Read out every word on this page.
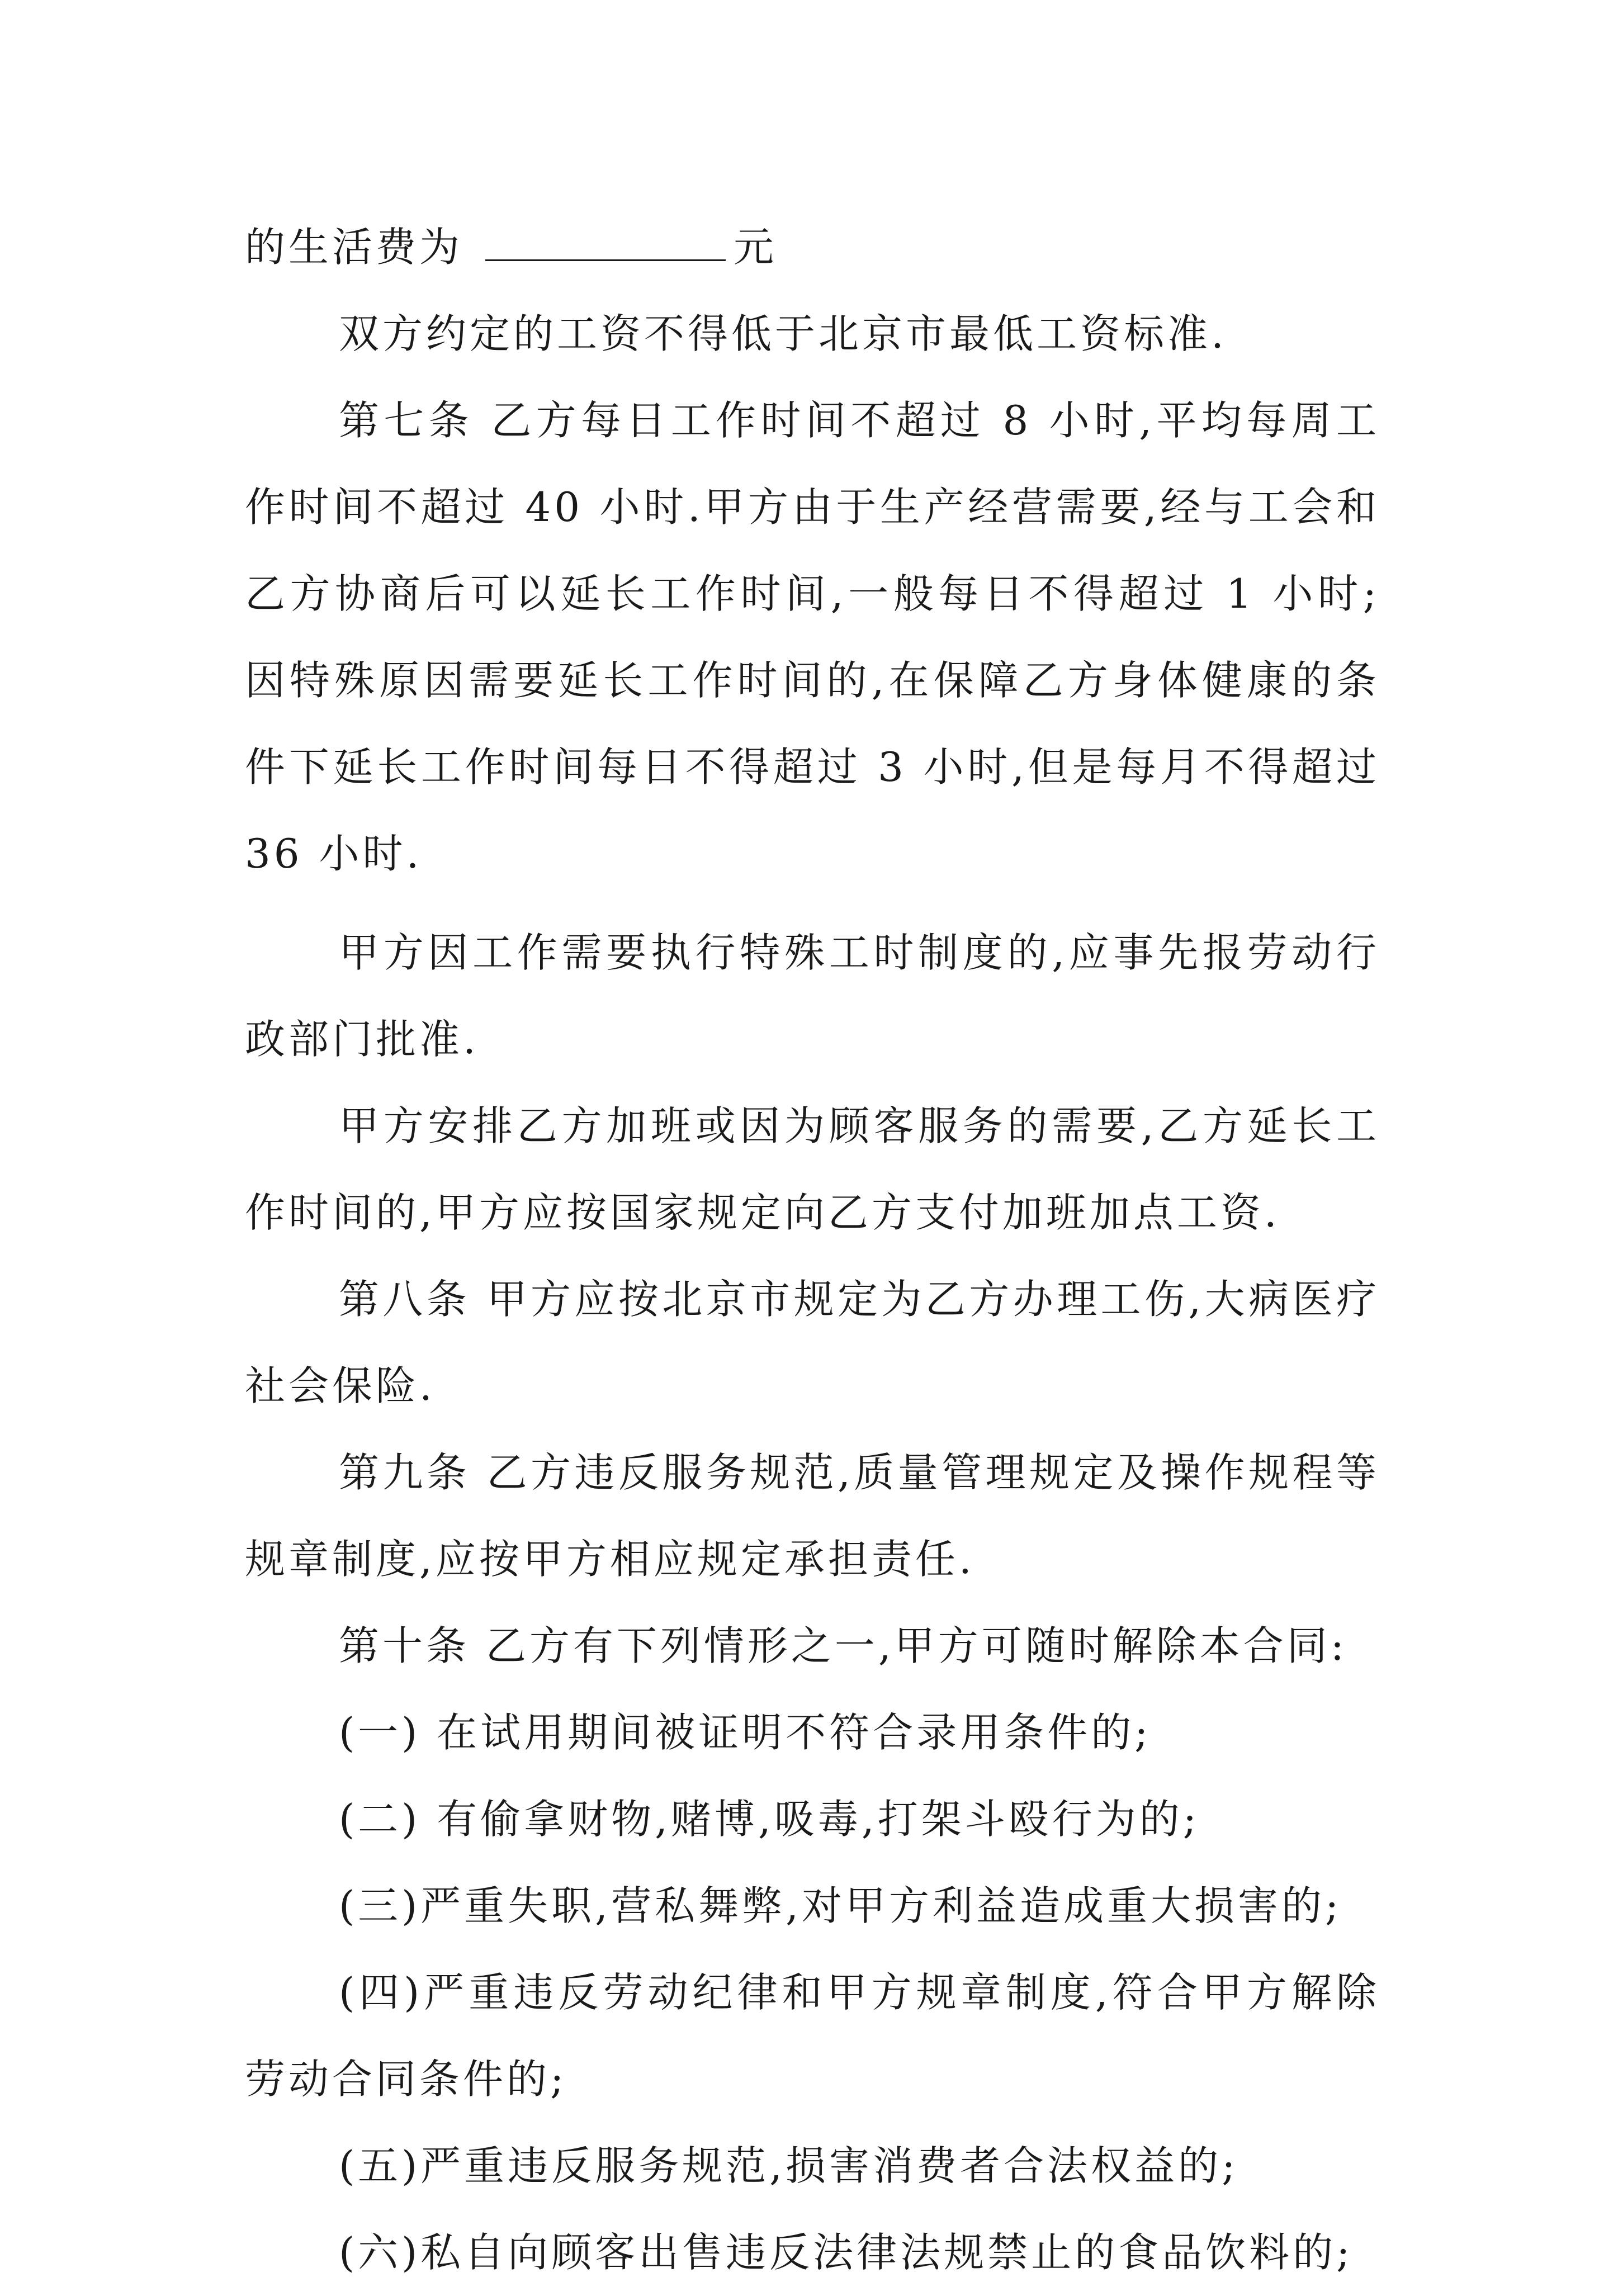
的生活费为	元

双方约定的工资不得低于北京市最低工资标准.

第七条 乙方每日工作时间不超过 8 小时,平均每周工作时间不超过 40 小时.甲方由于生产经营需要,经与工会和乙方协商后可以延长工作时间,一般每日不得超过 1 小时;因特殊原因需要延长工作时间的,在保障乙方身体健康的条件下延长工作时间每日不得超过 3 小时,但是每月不得超过 36 小时.

甲方因工作需要执行特殊工时制度的,应事先报劳动行政部门批准.

甲方安排乙方加班或因为顾客服务的需要,乙方延长工作时间的,甲方应按国家规定向乙方支付加班加点工资.

第八条 甲方应按北京市规定为乙方办理工伤,大病医疗社会保险.

第九条 乙方违反服务规范,质量管理规定及操作规程等规章制度,应按甲方相应规定承担责任.

第十条 乙方有下列情形之一,甲方可随时解除本合同:

(一) 在试用期间被证明不符合录用条件的;

(二) 有偷拿财物,赌博,吸毒,打架斗殴行为的;

(三)严重失职,营私舞弊,对甲方利益造成重大损害的;

(四)严重违反劳动纪律和甲方规章制度,符合甲方解除劳动合同条件的;

(五)严重违反服务规范,损害消费者合法权益的;

(六)私自向顾客出售违反法律法规禁止的食品饮料的;
